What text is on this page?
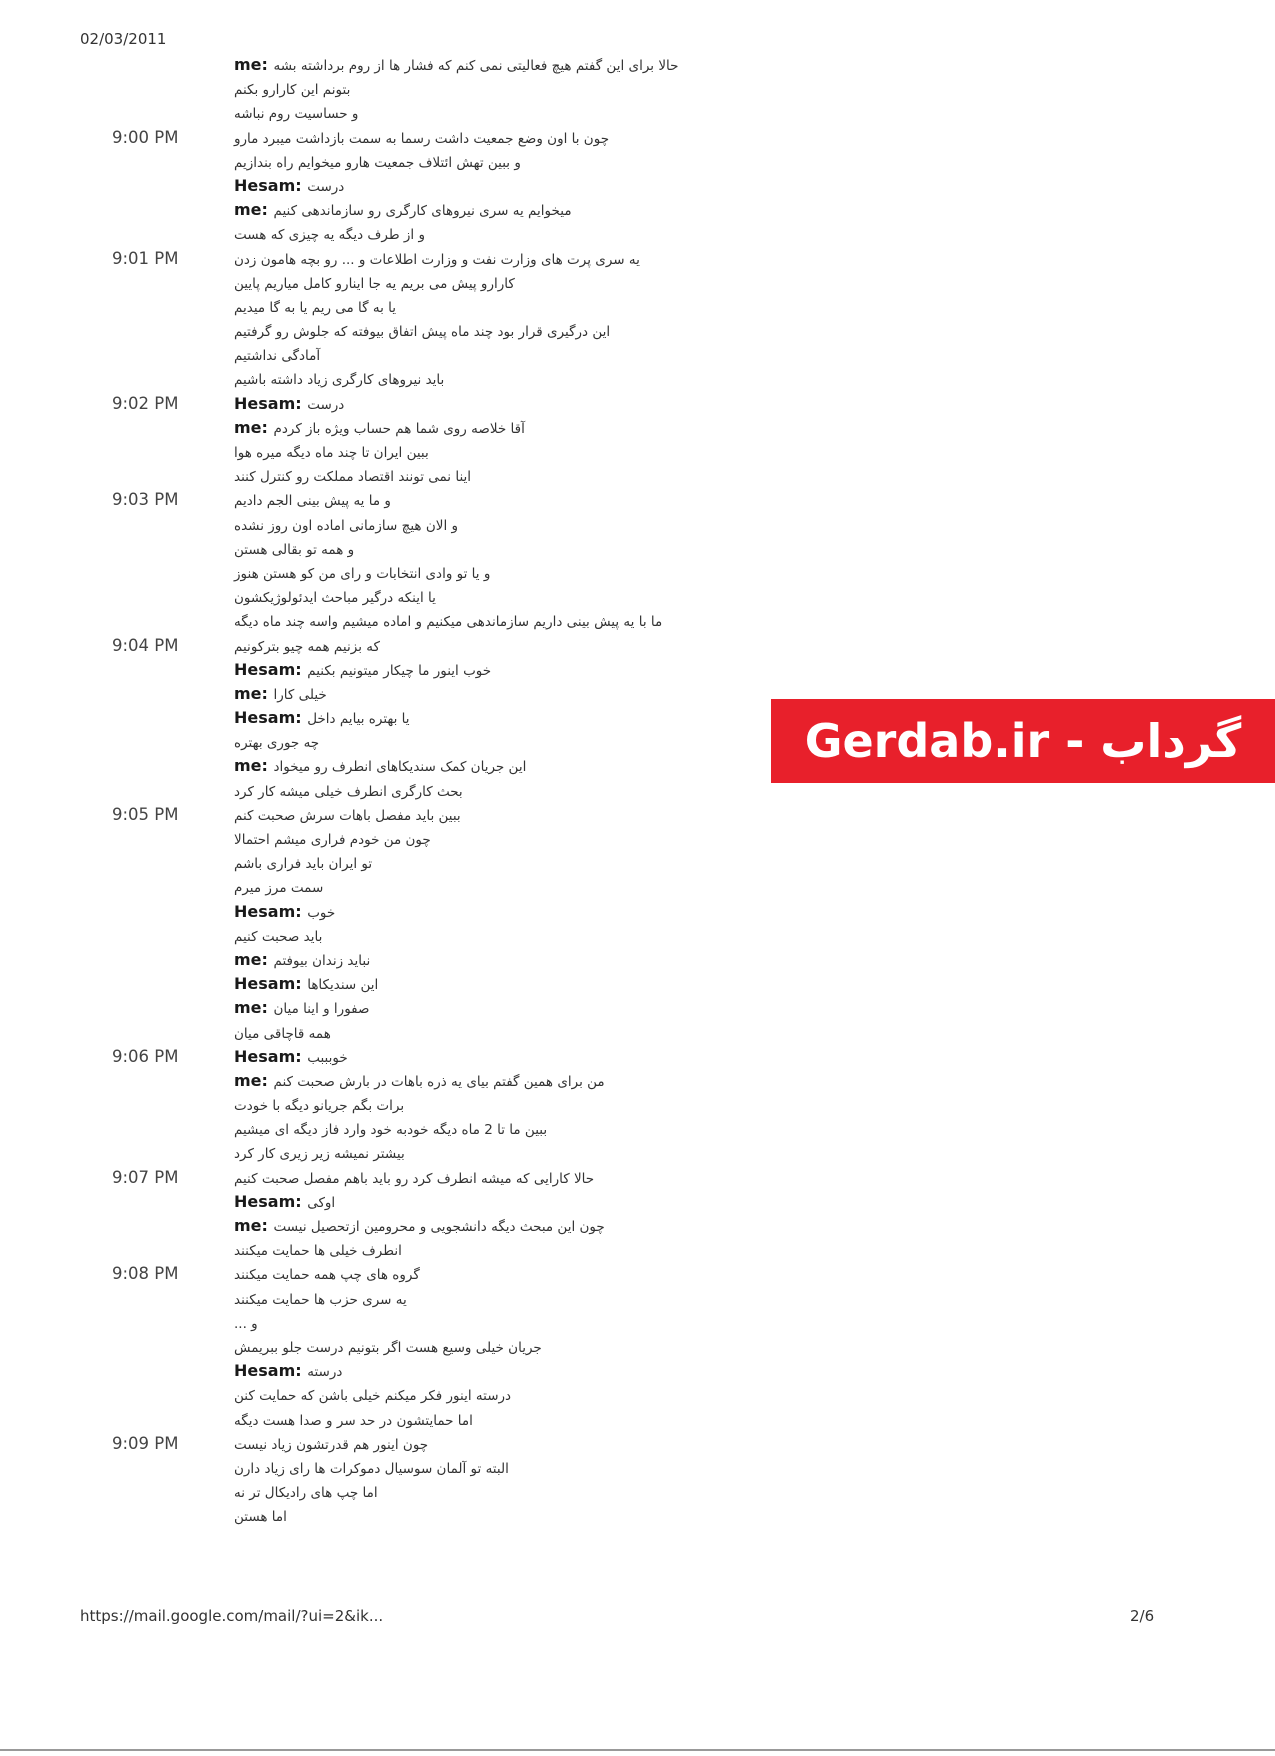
02/03/2011
me: حالا برای این گفتم هیچ فعالیتی نمی کنم که فشار ها از روم برداشته بشه
بتونم این کارارو بکنم
و حساسیت روم نباشه
9:00 PM	چون با اون وضع جمعیت داشت رسما به سمت بازداشت میبرد مارو
و ببین تهش ائتلاف جمعیت هارو میخوایم راه بندازیم
Hesam: درست
me: میخوایم یه سری نیروهای کارگری رو سازماندهی کنیم
و از طرف دیگه یه چیزی که هست
9:01 PM	یه سری پرت های وزارت نفت و وزارت اطلاعات و ... رو بچه هامون زدن
کارارو پیش می بریم یه جا اینارو کامل میاریم پایین
یا به گا می ریم یا به گا میدیم
این درگیری قرار بود چند ماه پیش اتفاق بیوفته که جلوش رو گرفتیم
آمادگی نداشتیم
باید نیروهای کارگری زیاد داشته باشیم
9:02 PM	Hesam: درست
me: آقا خلاصه روی شما هم حساب ویژه باز کردم
ببین ایران تا چند ماه دیگه میره هوا
اینا نمی تونند اقتصاد مملکت رو کنترل کنند
9:03 PM	و ما یه پیش بینی الجم دادیم
و الان هیچ سازمانی اماده اون روز نشده
و همه تو بقالی هستن
و یا تو وادی انتخابات و رای من کو هستن هنوز
یا اینکه درگیر مباحث ایدئولوژیکشون
ما با یه پیش بینی داریم سازماندهی میکنیم و اماده میشیم واسه چند ماه دیگه
9:04 PM	که بزنیم همه چیو بترکونیم
Hesam: خوب اینور ما چیکار میتونیم بکنیم
me: خیلی کارا
Hesam: یا بهتره بیایم داخل
چه جوری بهتره
me: این جریان کمک سندیکاهای انطرف رو میخواد
بحث کارگری انطرف خیلی میشه کار کرد
9:05 PM	ببین باید مفصل باهات سرش صحبت کنم
چون من خودم فراری میشم احتمالا
تو ایران باید فراری باشم
سمت مرز میرم
Hesam: خوب
باید صحبت کنیم
me: نباید زندان بیوفتم
Hesam: این سندیکاها
me: صفورا و اینا میان
همه قاچاقی میان
9:06 PM	Hesam: خوبببب
me: من برای همین گفتم بیای یه ذره باهات در بارش صحبت کنم
برات بگم جریانو دیگه با خودت
ببین ما تا 2 ماه دیگه خودبه خود وارد فاز دیگه ای میشیم
بیشتر نمیشه زیر زیری کار کرد
9:07 PM	حالا کارایی که میشه انطرف کرد رو باید باهم مفصل صحبت کنیم
Hesam: اوکی
me: چون این مبحث دیگه دانشجویی و محرومین ازتحصیل نیست
انطرف خیلی ها حمایت میکنند
9:08 PM	گروه های چپ همه حمایت میکنند
یه سری حزب ها حمایت میکنند
و ...
جریان خیلی وسیع هست اگر بتونیم درست جلو ببریمش
Hesam: درسته
درسته اینور فکر میکنم خیلی باشن که حمایت کنن
اما حمایتشون در حد سر و صدا هست دیگه
9:09 PM	چون اینور هم قدرتشون زیاد نیست
البته تو آلمان سوسیال دموکرات ها رای زیاد دارن
اما چپ های رادیکال تر نه
اما هستن
گرداب - Gerdab.ir
https://mail.google.com/mail/?ui=2&ik...	2/6
